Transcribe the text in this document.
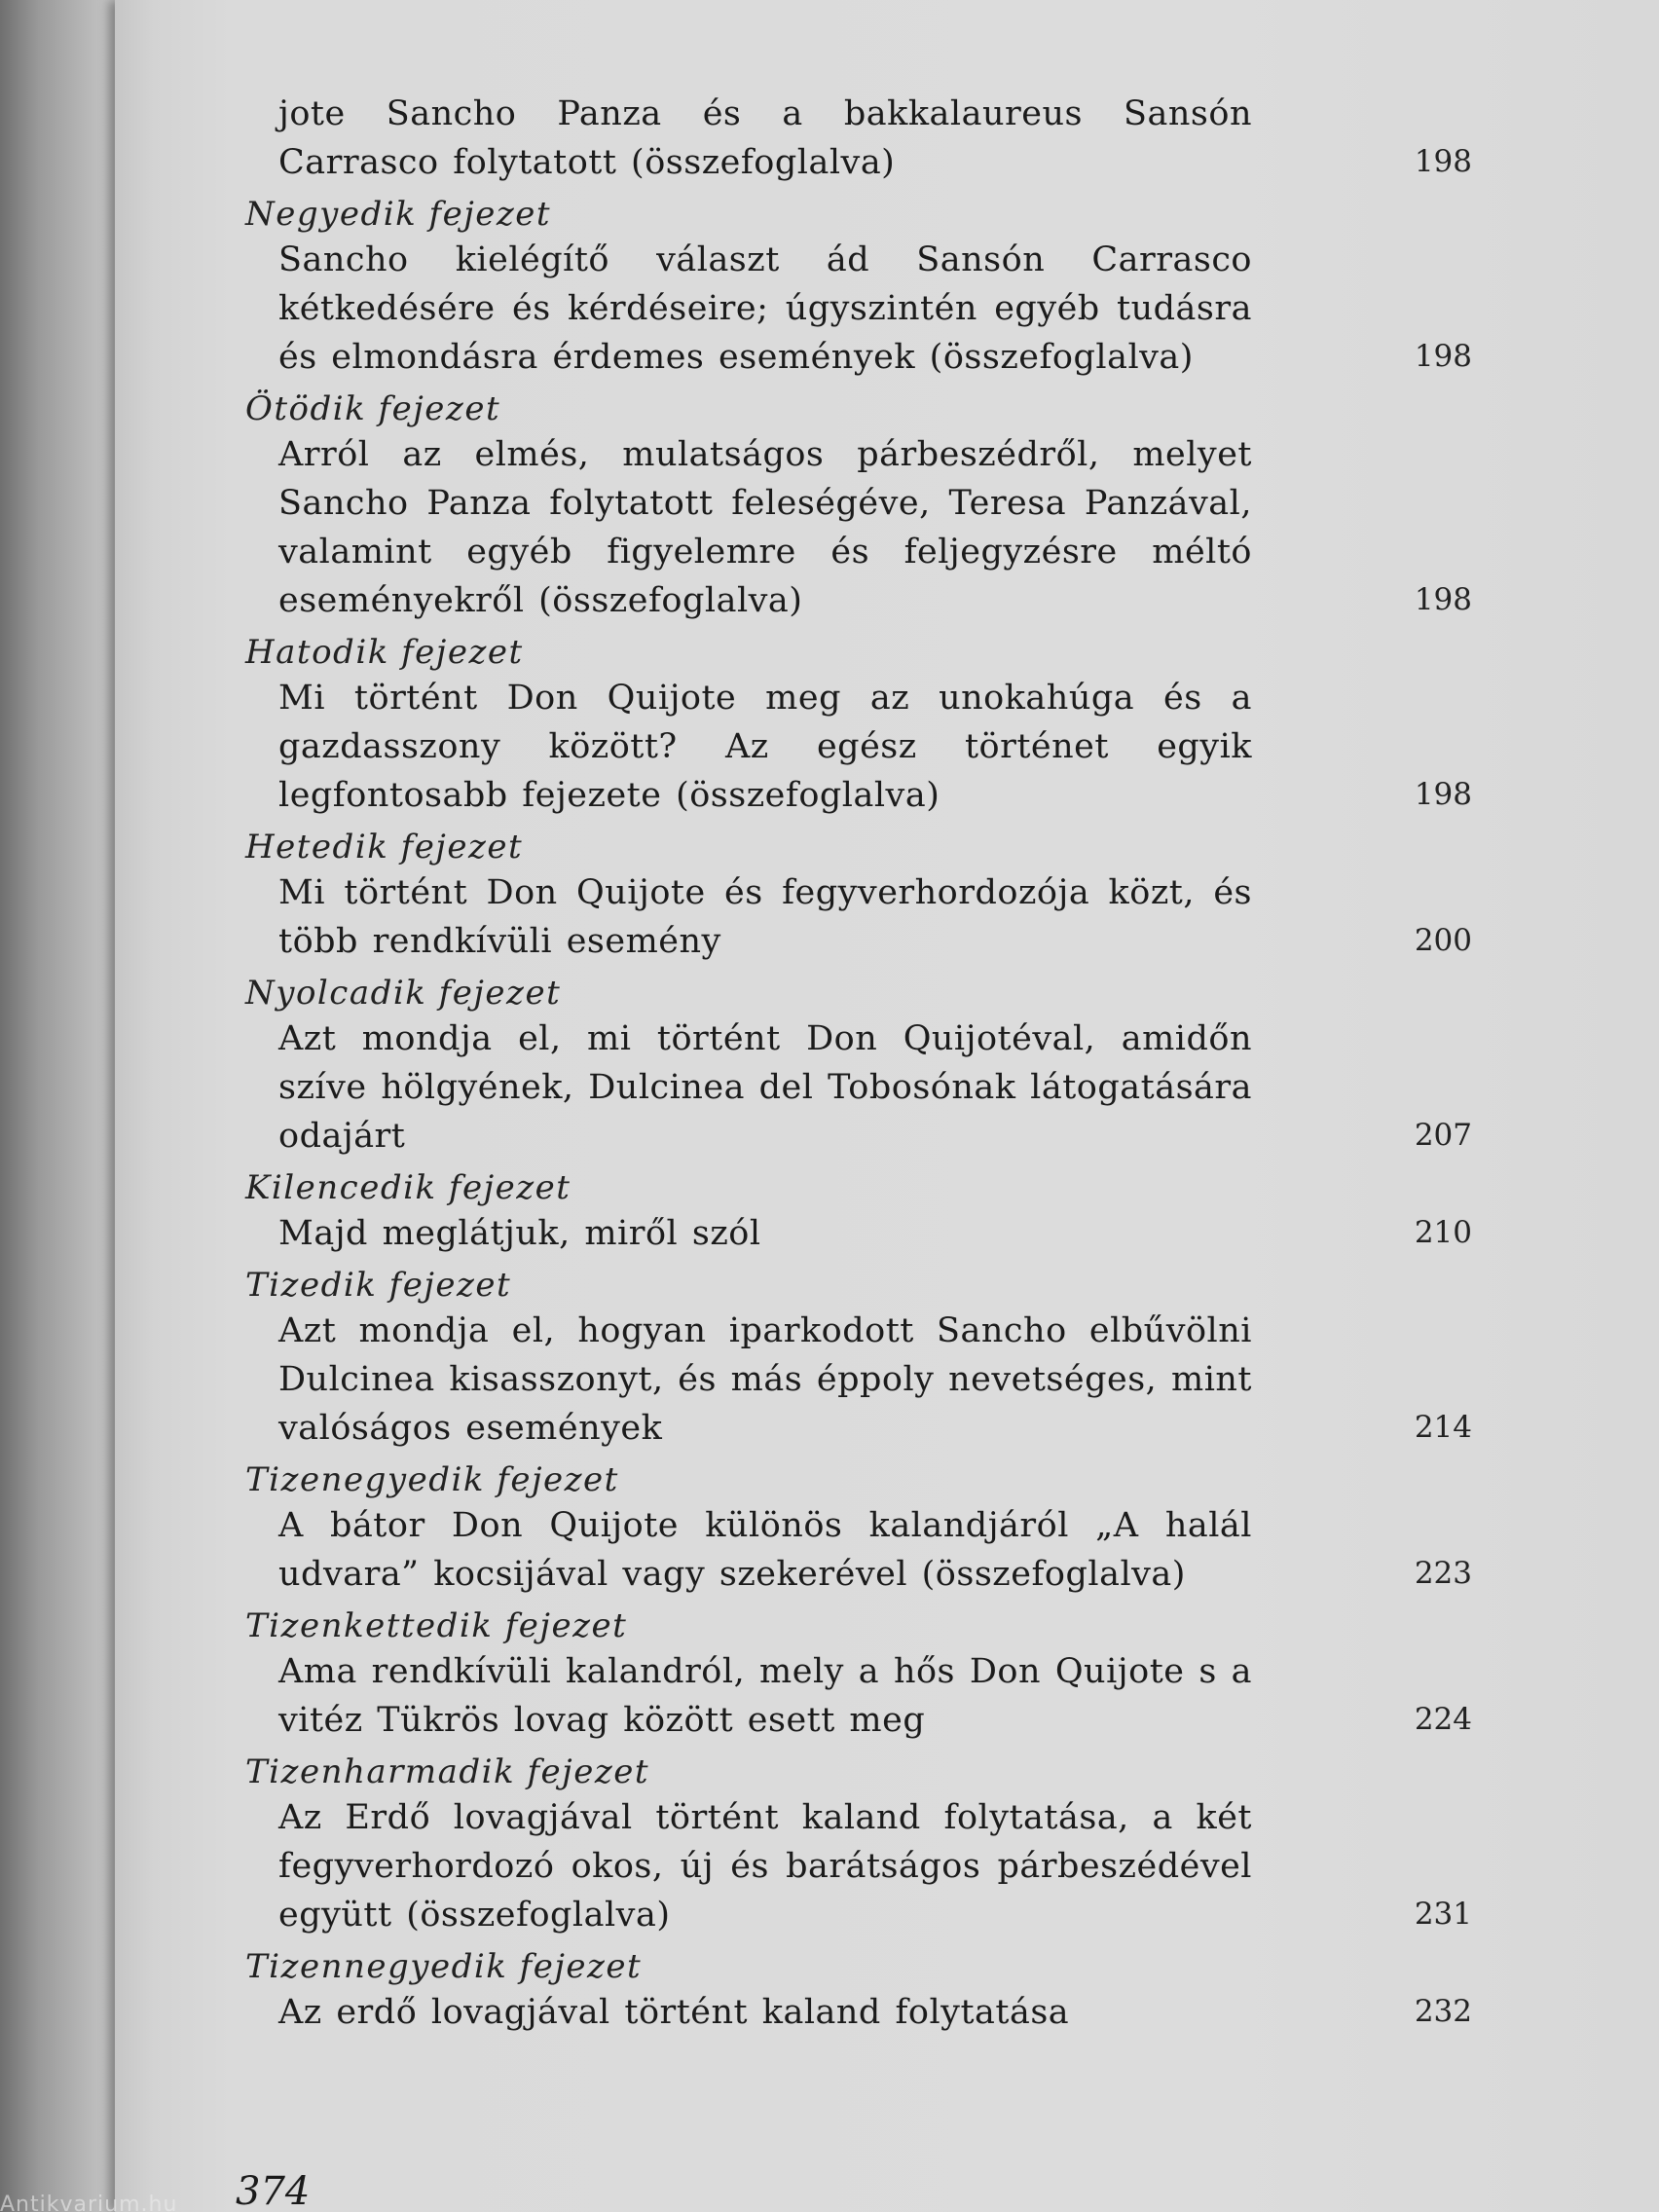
jote Sancho Panza és a bakkalaureus Sansón Carrasco folytatott (összefoglalva)	198
Negyedik fejezet
Sancho kielégítő választ ád Sansón Carrasco kétkedésére és kérdéseire; úgyszintén egyéb tudásra és elmondásra érdemes események (összefoglalva)	198
Ötödik fejezet
Arról az elmés, mulatságos párbeszédről, melyet Sancho Panza folytatott feleségéve, Teresa Panzával, valamint egyéb figyelemre és feljegyzésre méltó eseményekről (összefoglalva)	198
Hatodik fejezet
Mi történt Don Quijote meg az unokahúga és a gazdasszony között? Az egész történet egyik legfontosabb fejezete (összefoglalva)	198
Hetedik fejezet
Mi történt Don Quijote és fegyverhordozója közt, és több rendkívüli esemény	200
Nyolcadik fejezet
Azt mondja el, mi történt Don Quijotéval, amidőn szíve hölgyének, Dulcinea del Tobosónak látogatására odajárt	207
Kilencedik fejezet
Majd meglátjuk, miről szól	210
Tizedik fejezet
Azt mondja el, hogyan iparkodott Sancho elbűvölni Dulcinea kisasszonyt, és más éppoly nevetséges, mint valóságos események	214
Tizenegyedik fejezet
A bátor Don Quijote különös kalandjáról „A halál udvara” kocsijával vagy szekerével (összefoglalva)	223
Tizenkettedik fejezet
Ama rendkívüli kalandról, mely a hős Don Quijote s a vitéz Tükrös lovag között esett meg	224
Tizenharmadik fejezet
Az Erdő lovagjával történt kaland folytatása, a két fegyverhordozó okos, új és barátságos párbeszédével együtt (összefoglalva)	231
Tizennegyedik fejezet
Az erdő lovagjával történt kaland folytatása	232
374
Antikvarium.hu
